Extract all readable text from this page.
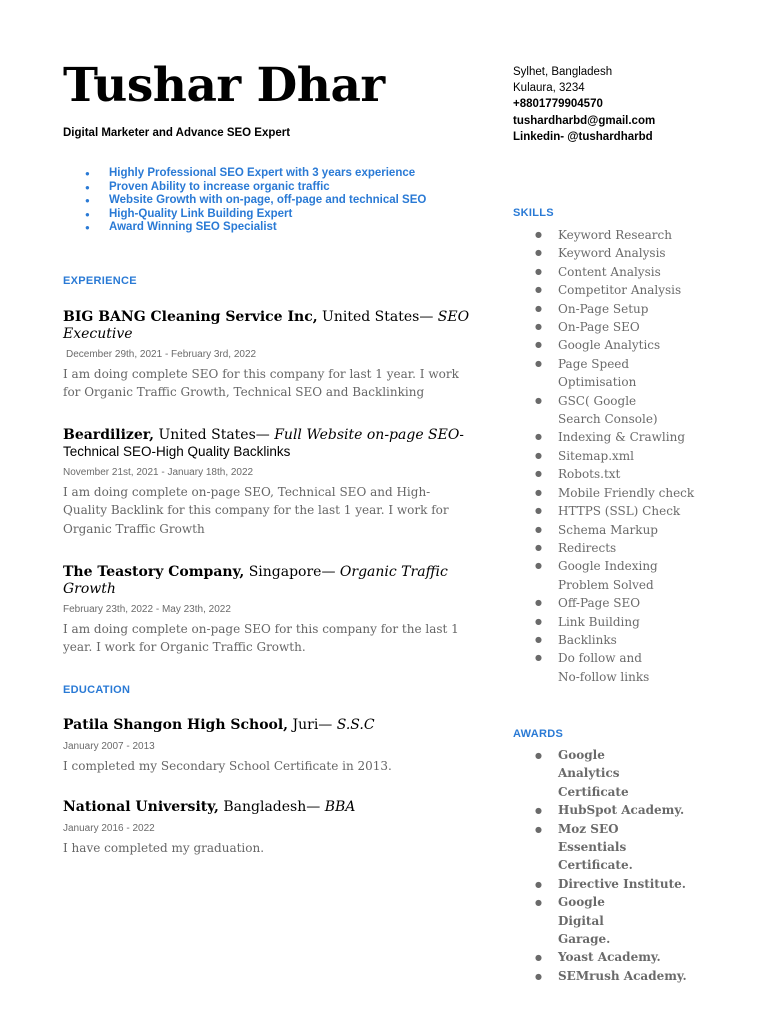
Tushar Dhar
Digital Marketer and Advance SEO Expert
Sylhet, Bangladesh
Kulaura, 3234
+8801779904570
tushardharbd@gmail.com
Linkedin- @tushardharbd
● Highly Professional SEO Expert with 3 years experience
● Proven Ability to increase organic traffic
● Website Growth with on-page, off-page and technical SEO
● High-Quality Link Building Expert
● Award Winning SEO Specialist
EXPERIENCE
BIG BANG Cleaning Service Inc, United States— SEO Executive
December 29th, 2021 - February 3rd, 2022
I am doing complete SEO for this company for last 1 year. I work for Organic Traffic Growth, Technical SEO and Backlinking
Beardilizer, United States— Full Website on-page SEO-Technical SEO-High Quality Backlinks
November 21st, 2021 - January 18th, 2022
I am doing complete on-page SEO, Technical SEO and High-Quality Backlink for this company for the last 1 year. I work for Organic Traffic Growth
The Teastory Company, Singapore— Organic Traffic Growth
February 23th, 2022 - May 23th, 2022
I am doing complete on-page SEO for this company for the last 1 year. I work for Organic Traffic Growth.
EDUCATION
Patila Shangon High School, Juri— S.S.C
January 2007 - 2013
I completed my Secondary School Certificate in 2013.
National University, Bangladesh— BBA
January 2016 - 2022
I have completed my graduation.
SKILLS
● Keyword Research
● Keyword Analysis
● Content Analysis
● Competitor Analysis
● On-Page Setup
● On-Page SEO
● Google Analytics
● Page Speed Optimisation
● GSC( Google Search Console)
● Indexing & Crawling
● Sitemap.xml
● Robots.txt
● Mobile Friendly check
● HTTPS (SSL) Check
● Schema Markup
● Redirects
● Google Indexing Problem Solved
● Off-Page SEO
● Link Building
● Backlinks
● Do follow and No-follow links
AWARDS
● Google Analytics Certificate
● HubSpot Academy.
● Moz SEO Essentials Certificate.
● Directive Institute.
● Google Digital Garage.
● Yoast Academy.
● SEMrush Academy.
